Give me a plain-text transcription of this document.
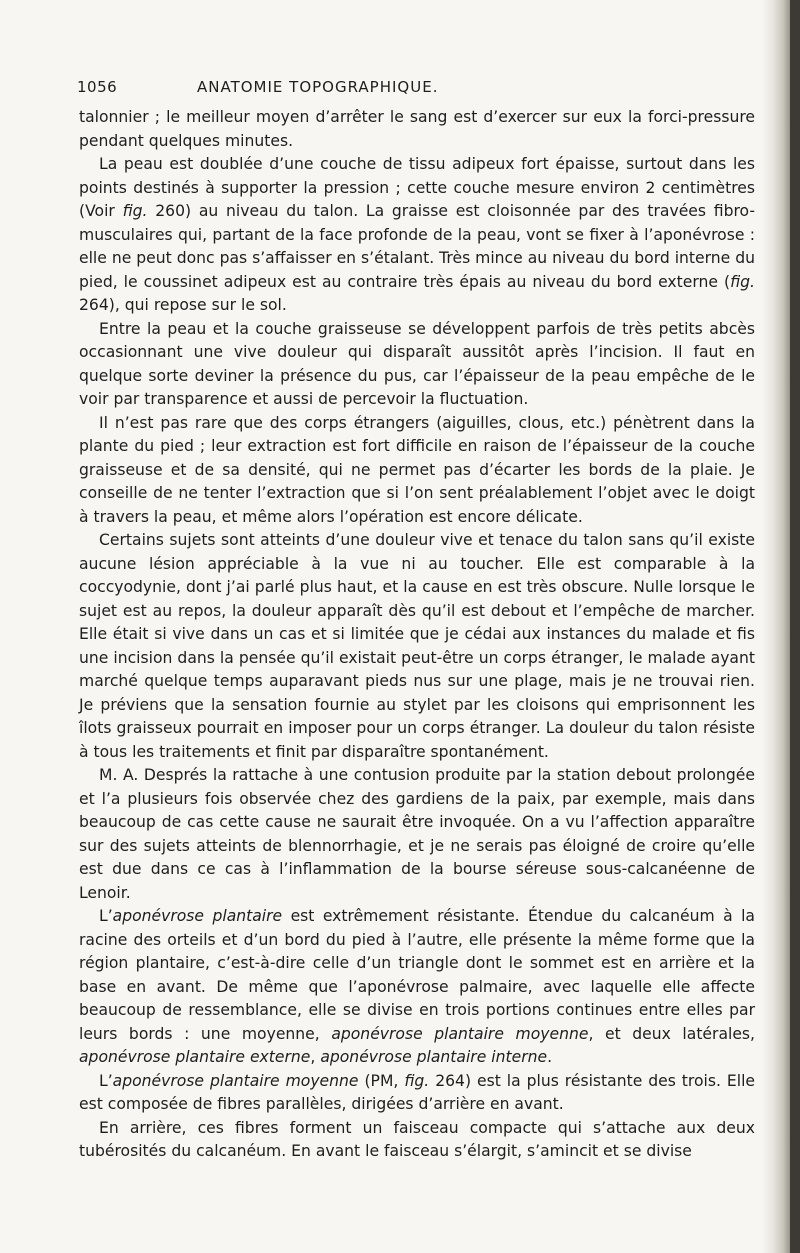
1056	ANATOMIE TOPOGRAPHIQUE.

talonnier ; le meilleur moyen d’arrêter le sang est d’exercer sur eux la forci-pressure pendant quelques minutes.

La peau est doublée d’une couche de tissu adipeux fort épaisse, surtout dans les points destinés à supporter la pression ; cette couche mesure environ 2 centimètres (Voir fig. 260) au niveau du talon. La graisse est cloisonnée par des travées fibro-musculaires qui, partant de la face profonde de la peau, vont se fixer à l’aponévrose : elle ne peut donc pas s’affaisser en s’étalant. Très mince au niveau du bord interne du pied, le coussinet adipeux est au contraire très épais au niveau du bord externe (fig. 264), qui repose sur le sol.

Entre la peau et la couche graisseuse se développent parfois de très petits abcès occasionnant une vive douleur qui disparaît aussitôt après l’incision. Il faut en quelque sorte deviner la présence du pus, car l’épaisseur de la peau empêche de le voir par transparence et aussi de percevoir la fluctuation.

Il n’est pas rare que des corps étrangers (aiguilles, clous, etc.) pénètrent dans la plante du pied ; leur extraction est fort difficile en raison de l’épaisseur de la couche graisseuse et de sa densité, qui ne permet pas d’écarter les bords de la plaie. Je conseille de ne tenter l’extraction que si l’on sent préalablement l’objet avec le doigt à travers la peau, et même alors l’opération est encore délicate.

Certains sujets sont atteints d’une douleur vive et tenace du talon sans qu’il existe aucune lésion appréciable à la vue ni au toucher. Elle est comparable à la coccyodynie, dont j’ai parlé plus haut, et la cause en est très obscure. Nulle lorsque le sujet est au repos, la douleur apparaît dès qu’il est debout et l’empêche de marcher. Elle était si vive dans un cas et si limitée que je cédai aux instances du malade et fis une incision dans la pensée qu’il existait peut-être un corps étranger, le malade ayant marché quelque temps auparavant pieds nus sur une plage, mais je ne trouvai rien. Je préviens que la sensation fournie au stylet par les cloisons qui emprisonnent les îlots graisseux pourrait en imposer pour un corps étranger. La douleur du talon résiste à tous les traitements et finit par disparaître spontanément.

M. A. Després la rattache à une contusion produite par la station debout prolongée et l’a plusieurs fois observée chez des gardiens de la paix, par exemple, mais dans beaucoup de cas cette cause ne saurait être invoquée. On a vu l’affection apparaître sur des sujets atteints de blennorrhagie, et je ne serais pas éloigné de croire qu’elle est due dans ce cas à l’inflammation de la bourse séreuse sous-calcanéenne de Lenoir.

L’aponévrose plantaire est extrêmement résistante. Étendue du calcanéum à la racine des orteils et d’un bord du pied à l’autre, elle présente la même forme que la région plantaire, c’est-à-dire celle d’un triangle dont le sommet est en arrière et la base en avant. De même que l’aponévrose palmaire, avec laquelle elle affecte beaucoup de ressemblance, elle se divise en trois portions continues entre elles par leurs bords : une moyenne, aponévrose plantaire moyenne, et deux latérales, aponévrose plantaire externe, aponévrose plantaire interne.

L’aponévrose plantaire moyenne (PM, fig. 264) est la plus résistante des trois. Elle est composée de fibres parallèles, dirigées d’arrière en avant.

En arrière, ces fibres forment un faisceau compacte qui s’attache aux deux tubérosités du calcanéum. En avant le faisceau s’élargit, s’amincit et se divise
